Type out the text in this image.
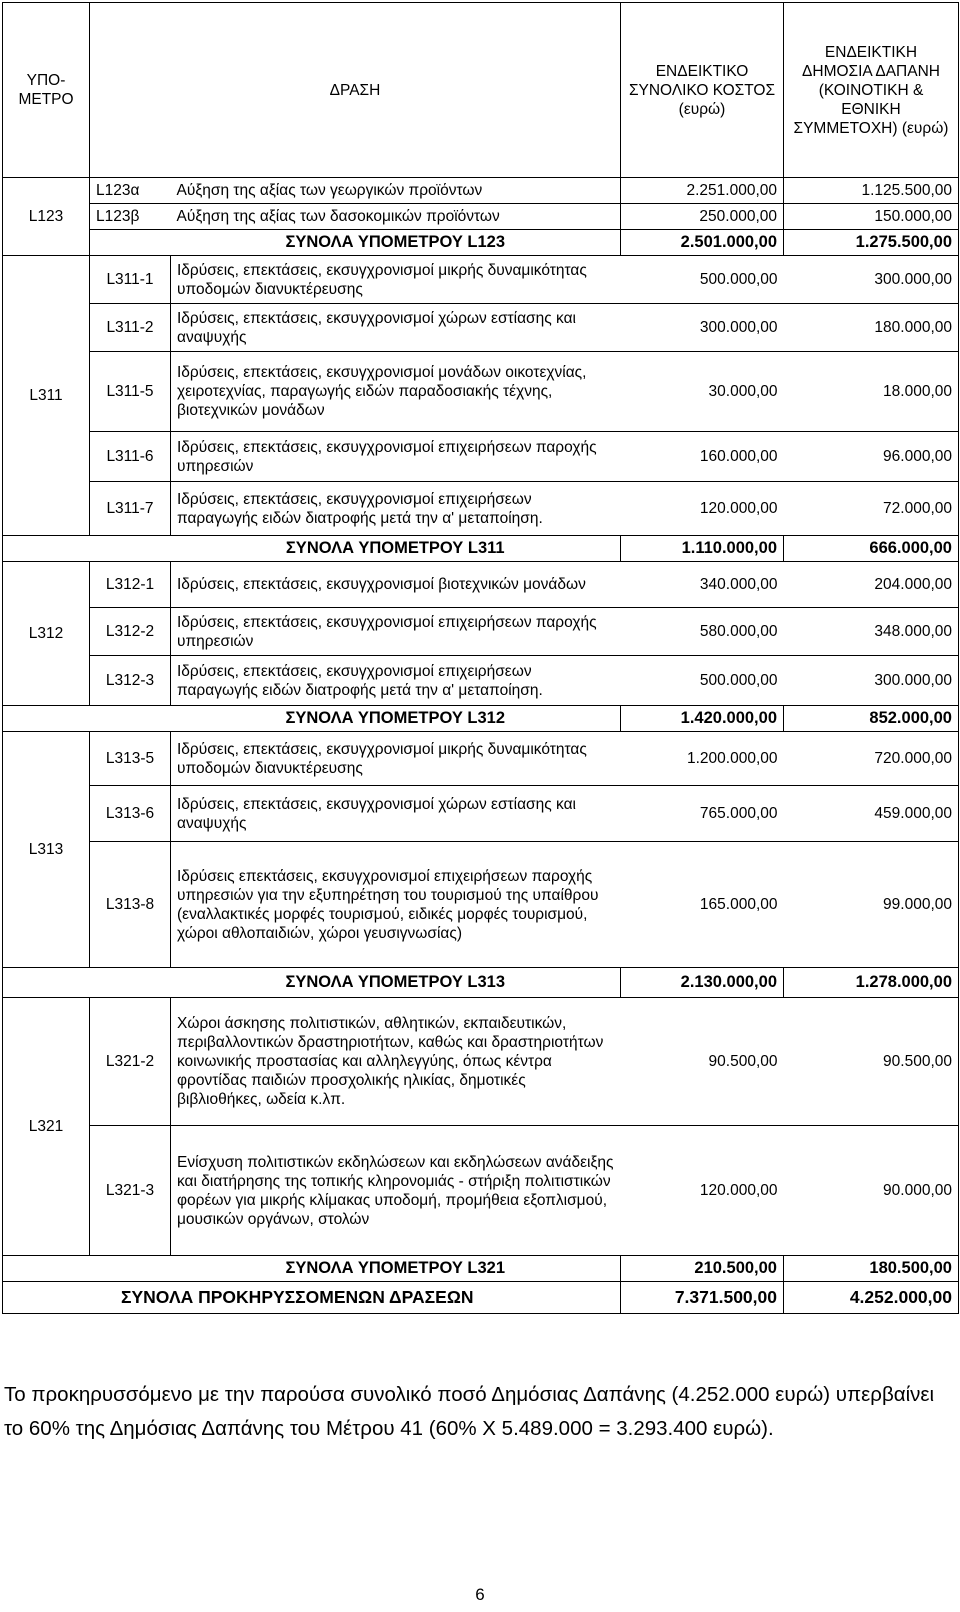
ΥΠΟ-ΜΕΤΡΟ	ΔΡΑΣΗ		ΕΝΔΕΙΚΤΙΚΟ ΣΥΝΟΛΙΚΟ ΚΟΣΤΟΣ (ευρώ)	ΕΝΔΕΙΚΤΙΚΗ ΔΗΜΟΣΙΑ ΔΑΠΑΝΗ (ΚΟΙΝΟΤΙΚΗ & ΕΘΝΙΚΗ ΣΥΜΜΕΤΟΧΗ) (ευρώ)
L123	L123α	Αύξηση της αξίας των γεωργικών προϊόντων	2.251.000,00	1.125.500,00
	L123β	Αύξηση της αξίας των δασοκομικών προϊόντων	250.000,00	150.000,00
		ΣΥΝΟΛΑ ΥΠΟΜΕΤΡΟΥ L123	2.501.000,00	1.275.500,00
L311	L311-1	Ιδρύσεις, επεκτάσεις, εκσυγχρονισμοί μικρής δυναμικότητας υποδομών διανυκτέρευσης	500.000,00	300.000,00
	L311-2	Ιδρύσεις, επεκτάσεις, εκσυγχρονισμοί χώρων εστίασης και αναψυχής	300.000,00	180.000,00
	L311-5	Ιδρύσεις, επεκτάσεις, εκσυγχρονισμοί μονάδων οικοτεχνίας, χειροτεχνίας, παραγωγής ειδών παραδοσιακής τέχνης, βιοτεχνικών μονάδων	30.000,00	18.000,00
	L311-6	Ιδρύσεις, επεκτάσεις, εκσυγχρονισμοί επιχειρήσεων παροχής υπηρεσιών	160.000,00	96.000,00
	L311-7	Ιδρύσεις, επεκτάσεις, εκσυγχρονισμοί επιχειρήσεων παραγωγής ειδών διατροφής μετά την α' μεταποίηση.	120.000,00	72.000,00
		ΣΥΝΟΛΑ ΥΠΟΜΕΤΡΟΥ L311	1.110.000,00	666.000,00
L312	L312-1	Ιδρύσεις, επεκτάσεις, εκσυγχρονισμοί βιοτεχνικών μονάδων	340.000,00	204.000,00
	L312-2	Ιδρύσεις, επεκτάσεις, εκσυγχρονισμοί επιχειρήσεων παροχής υπηρεσιών	580.000,00	348.000,00
	L312-3	Ιδρύσεις, επεκτάσεις, εκσυγχρονισμοί επιχειρήσεων παραγωγής ειδών διατροφής μετά την α' μεταποίηση.	500.000,00	300.000,00
		ΣΥΝΟΛΑ ΥΠΟΜΕΤΡΟΥ L312	1.420.000,00	852.000,00
L313	L313-5	Ιδρύσεις, επεκτάσεις, εκσυγχρονισμοί μικρής δυναμικότητας υποδομών διανυκτέρευσης	1.200.000,00	720.000,00
	L313-6	Ιδρύσεις, επεκτάσεις, εκσυγχρονισμοί χώρων εστίασης και αναψυχής	765.000,00	459.000,00
	L313-8	Ιδρύσεις επεκτάσεις, εκσυγχρονισμοί επιχειρήσεων παροχής υπηρεσιών για την εξυπηρέτηση του τουρισμού της υπαίθρου (εναλλακτικές μορφές τουρισμού, ειδικές μορφές τουρισμού, χώροι αθλοπαιδιών, χώροι γευσιγνωσίας)	165.000,00	99.000,00
		ΣΥΝΟΛΑ ΥΠΟΜΕΤΡΟΥ L313	2.130.000,00	1.278.000,00
L321	L321-2	Χώροι άσκησης πολιτιστικών, αθλητικών, εκπαιδευτικών, περιβαλλοντικών δραστηριοτήτων, καθώς και δραστηριοτήτων κοινωνικής προστασίας και αλληλεγγύης, όπως κέντρα φροντίδας παιδιών προσχολικής ηλικίας, δημοτικές βιβλιοθήκες, ωδεία κ.λπ.	90.500,00	90.500,00
	L321-3	Ενίσχυση πολιτιστικών εκδηλώσεων και εκδηλώσεων ανάδειξης και διατήρησης της τοπικής κληρονομιάς - στήριξη πολιτιστικών φορέων για μικρής κλίμακας υποδομή, προμήθεια εξοπλισμού, μουσικών οργάνων, στολών	120.000,00	90.000,00
		ΣΥΝΟΛΑ ΥΠΟΜΕΤΡΟΥ L321	210.500,00	180.500,00
ΣΥΝΟΛΑ ΠΡΟΚΗΡΥΣΣΟΜΕΝΩΝ ΔΡΑΣΕΩΝ			7.371.500,00	4.252.000,00

Το προκηρυσσόμενο με την παρούσα συνολικό ποσό Δημόσιας Δαπάνης (4.252.000 ευρώ) υπερβαίνει το 60% της Δημόσιας Δαπάνης του Μέτρου 41 (60% Χ 5.489.000 = 3.293.400 ευρώ).

6
